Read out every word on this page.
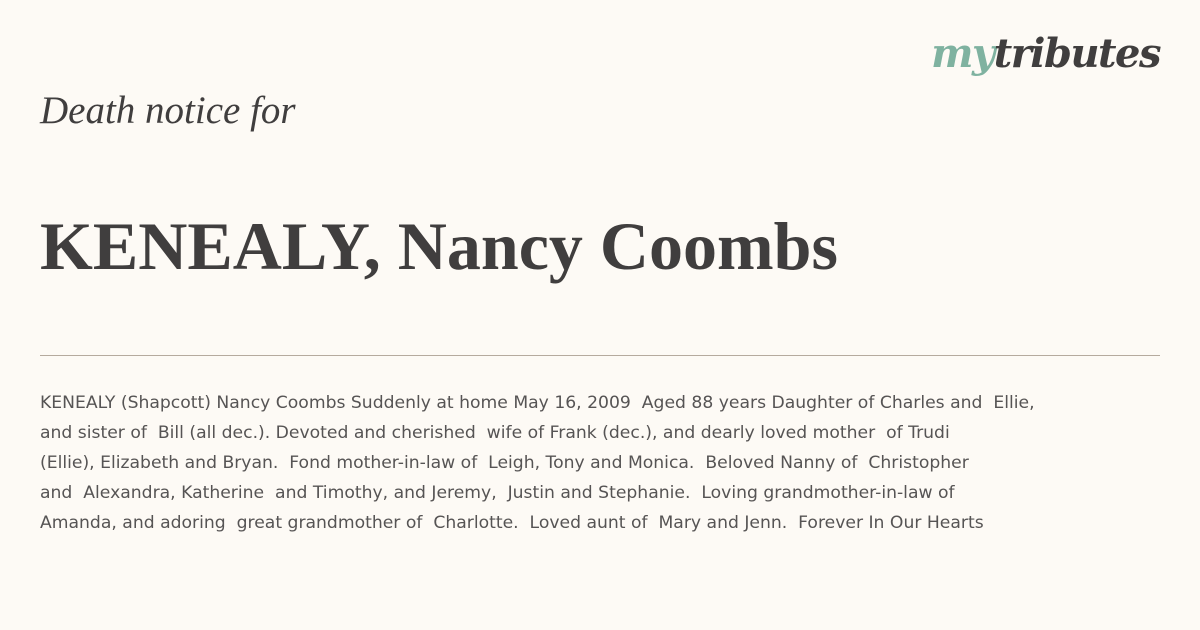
mytributes
Death notice for
KENEALY, Nancy Coombs
KENEALY (Shapcott) Nancy Coombs Suddenly at home May 16, 2009  Aged 88 years Daughter of Charles and  Ellie,
and sister of  Bill (all dec.). Devoted and cherished  wife of Frank (dec.), and dearly loved mother  of Trudi
(Ellie), Elizabeth and Bryan.  Fond mother-in-law of  Leigh, Tony and Monica.  Beloved Nanny of  Christopher
and  Alexandra, Katherine  and Timothy, and Jeremy,  Justin and Stephanie.  Loving grandmother-in-law of
Amanda, and adoring  great grandmother of  Charlotte.  Loved aunt of  Mary and Jenn.  Forever In Our Hearts
